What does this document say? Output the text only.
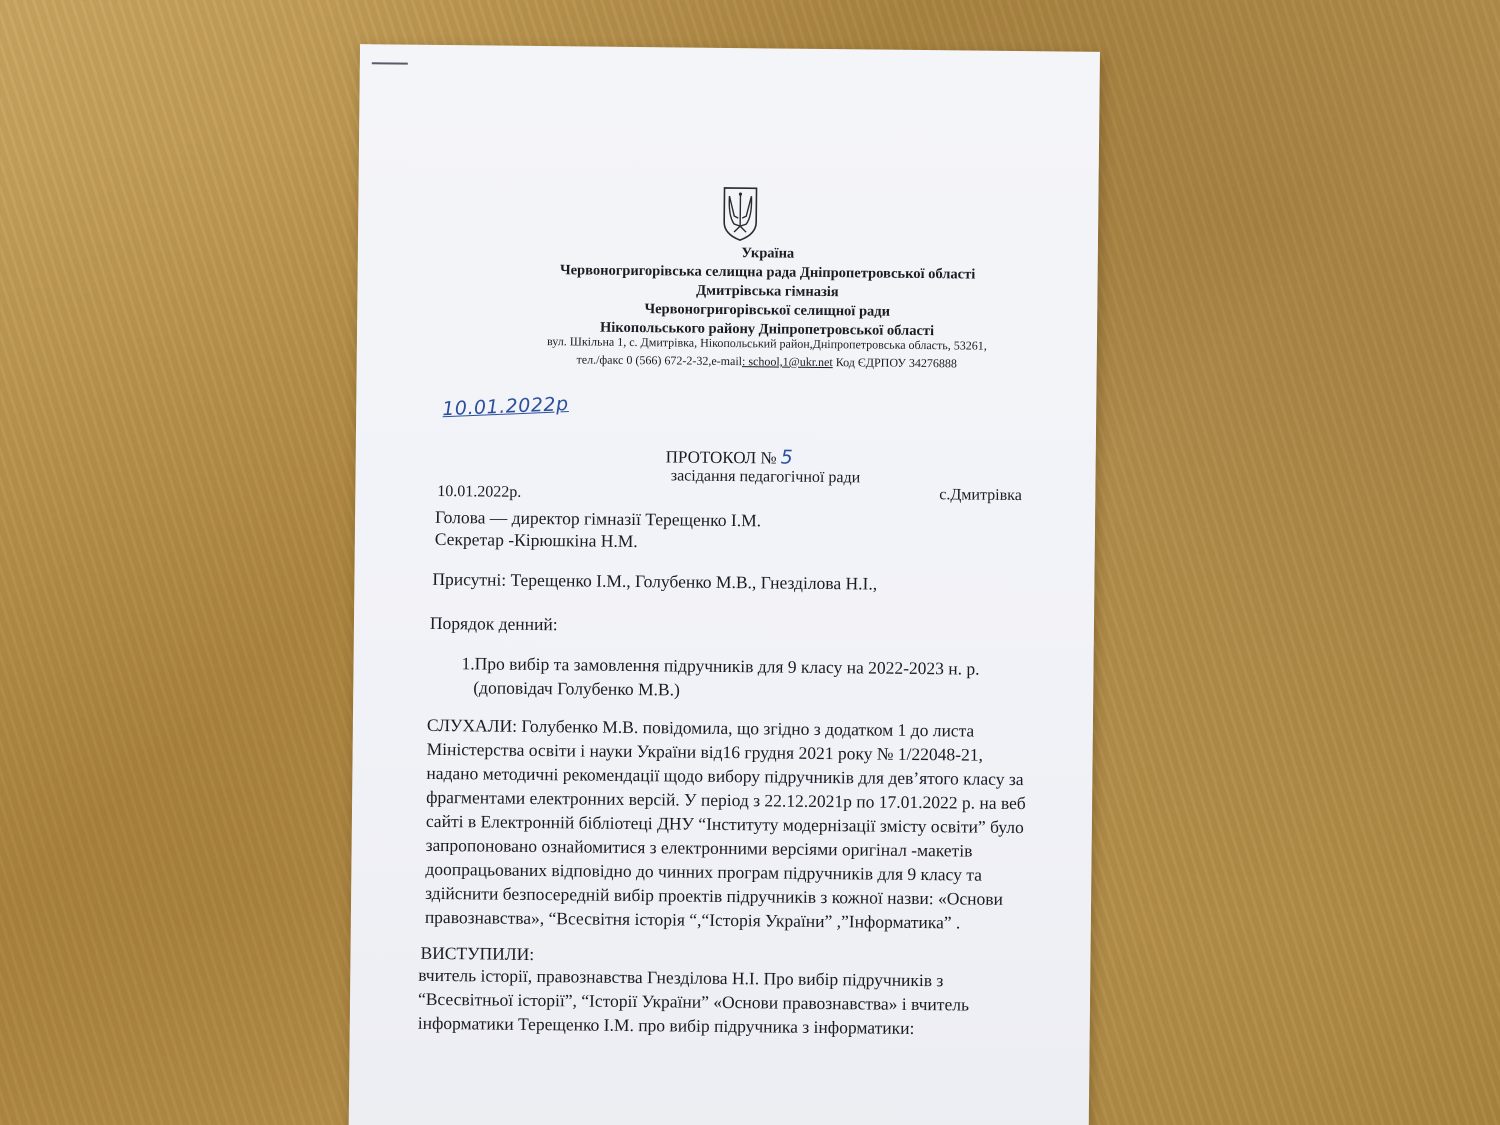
Україна
Червоногригорівська селищна рада Дніпропетровської області
Дмитрівська гімназія
Червоногригорівської селищної ради
Нікопольського району Дніпропетровської області
вул. Шкільна 1, с. Дмитрівка, Нікопольський район,Дніпропетровська область, 53261,
тел./факс 0 (566) 672-2-32,e-mail: school,1@ukr.net Код ЄДРПОУ 34276888
10.01.2022р
ПРОТОКОЛ № 5
засідання педагогічної ради
10.01.2022р.	с.Дмитрівка
Голова — директор гімназії Терещенко І.М.
Секретар -Кірюшкіна Н.М.
Присутні: Терещенко І.М., Голубенко М.В., Гнезділова Н.І.,
Порядок денний:
1.Про вибір та замовлення підручників для 9 класу на 2022-2023 н. р.
(доповідач Голубенко М.В.)
СЛУХАЛИ: Голубенко М.В. повідомила, що згідно з додатком 1 до листа
Міністерства освіти і науки України від16 грудня 2021 року № 1/22048-21,
надано методичні рекомендації щодо вибору підручників для дев’ятого класу за
фрагментами електронних версій. У період з 22.12.2021р по 17.01.2022 р. на веб
сайті в Електронній бібліотеці ДНУ “Інституту модернізації змісту освіти” було
запропоновано ознайомитися з електронними версіями оригінал -макетів
доопрацьованих відповідно до чинних програм підручників для 9 класу та
здійснити безпосередній вибір проектів підручників з кожної назви: «Основи
правознавства», “Всесвітня історія “,“Історія України” ,”Інформатика” .
ВИСТУПИЛИ:
вчитель історії, правознавства Гнезділова Н.І. Про вибір підручників з
“Всесвітньої історії”, “Історії України” «Основи правознавства» і вчитель
інформатики Терещенко І.М. про вибір підручника з інформатики:
